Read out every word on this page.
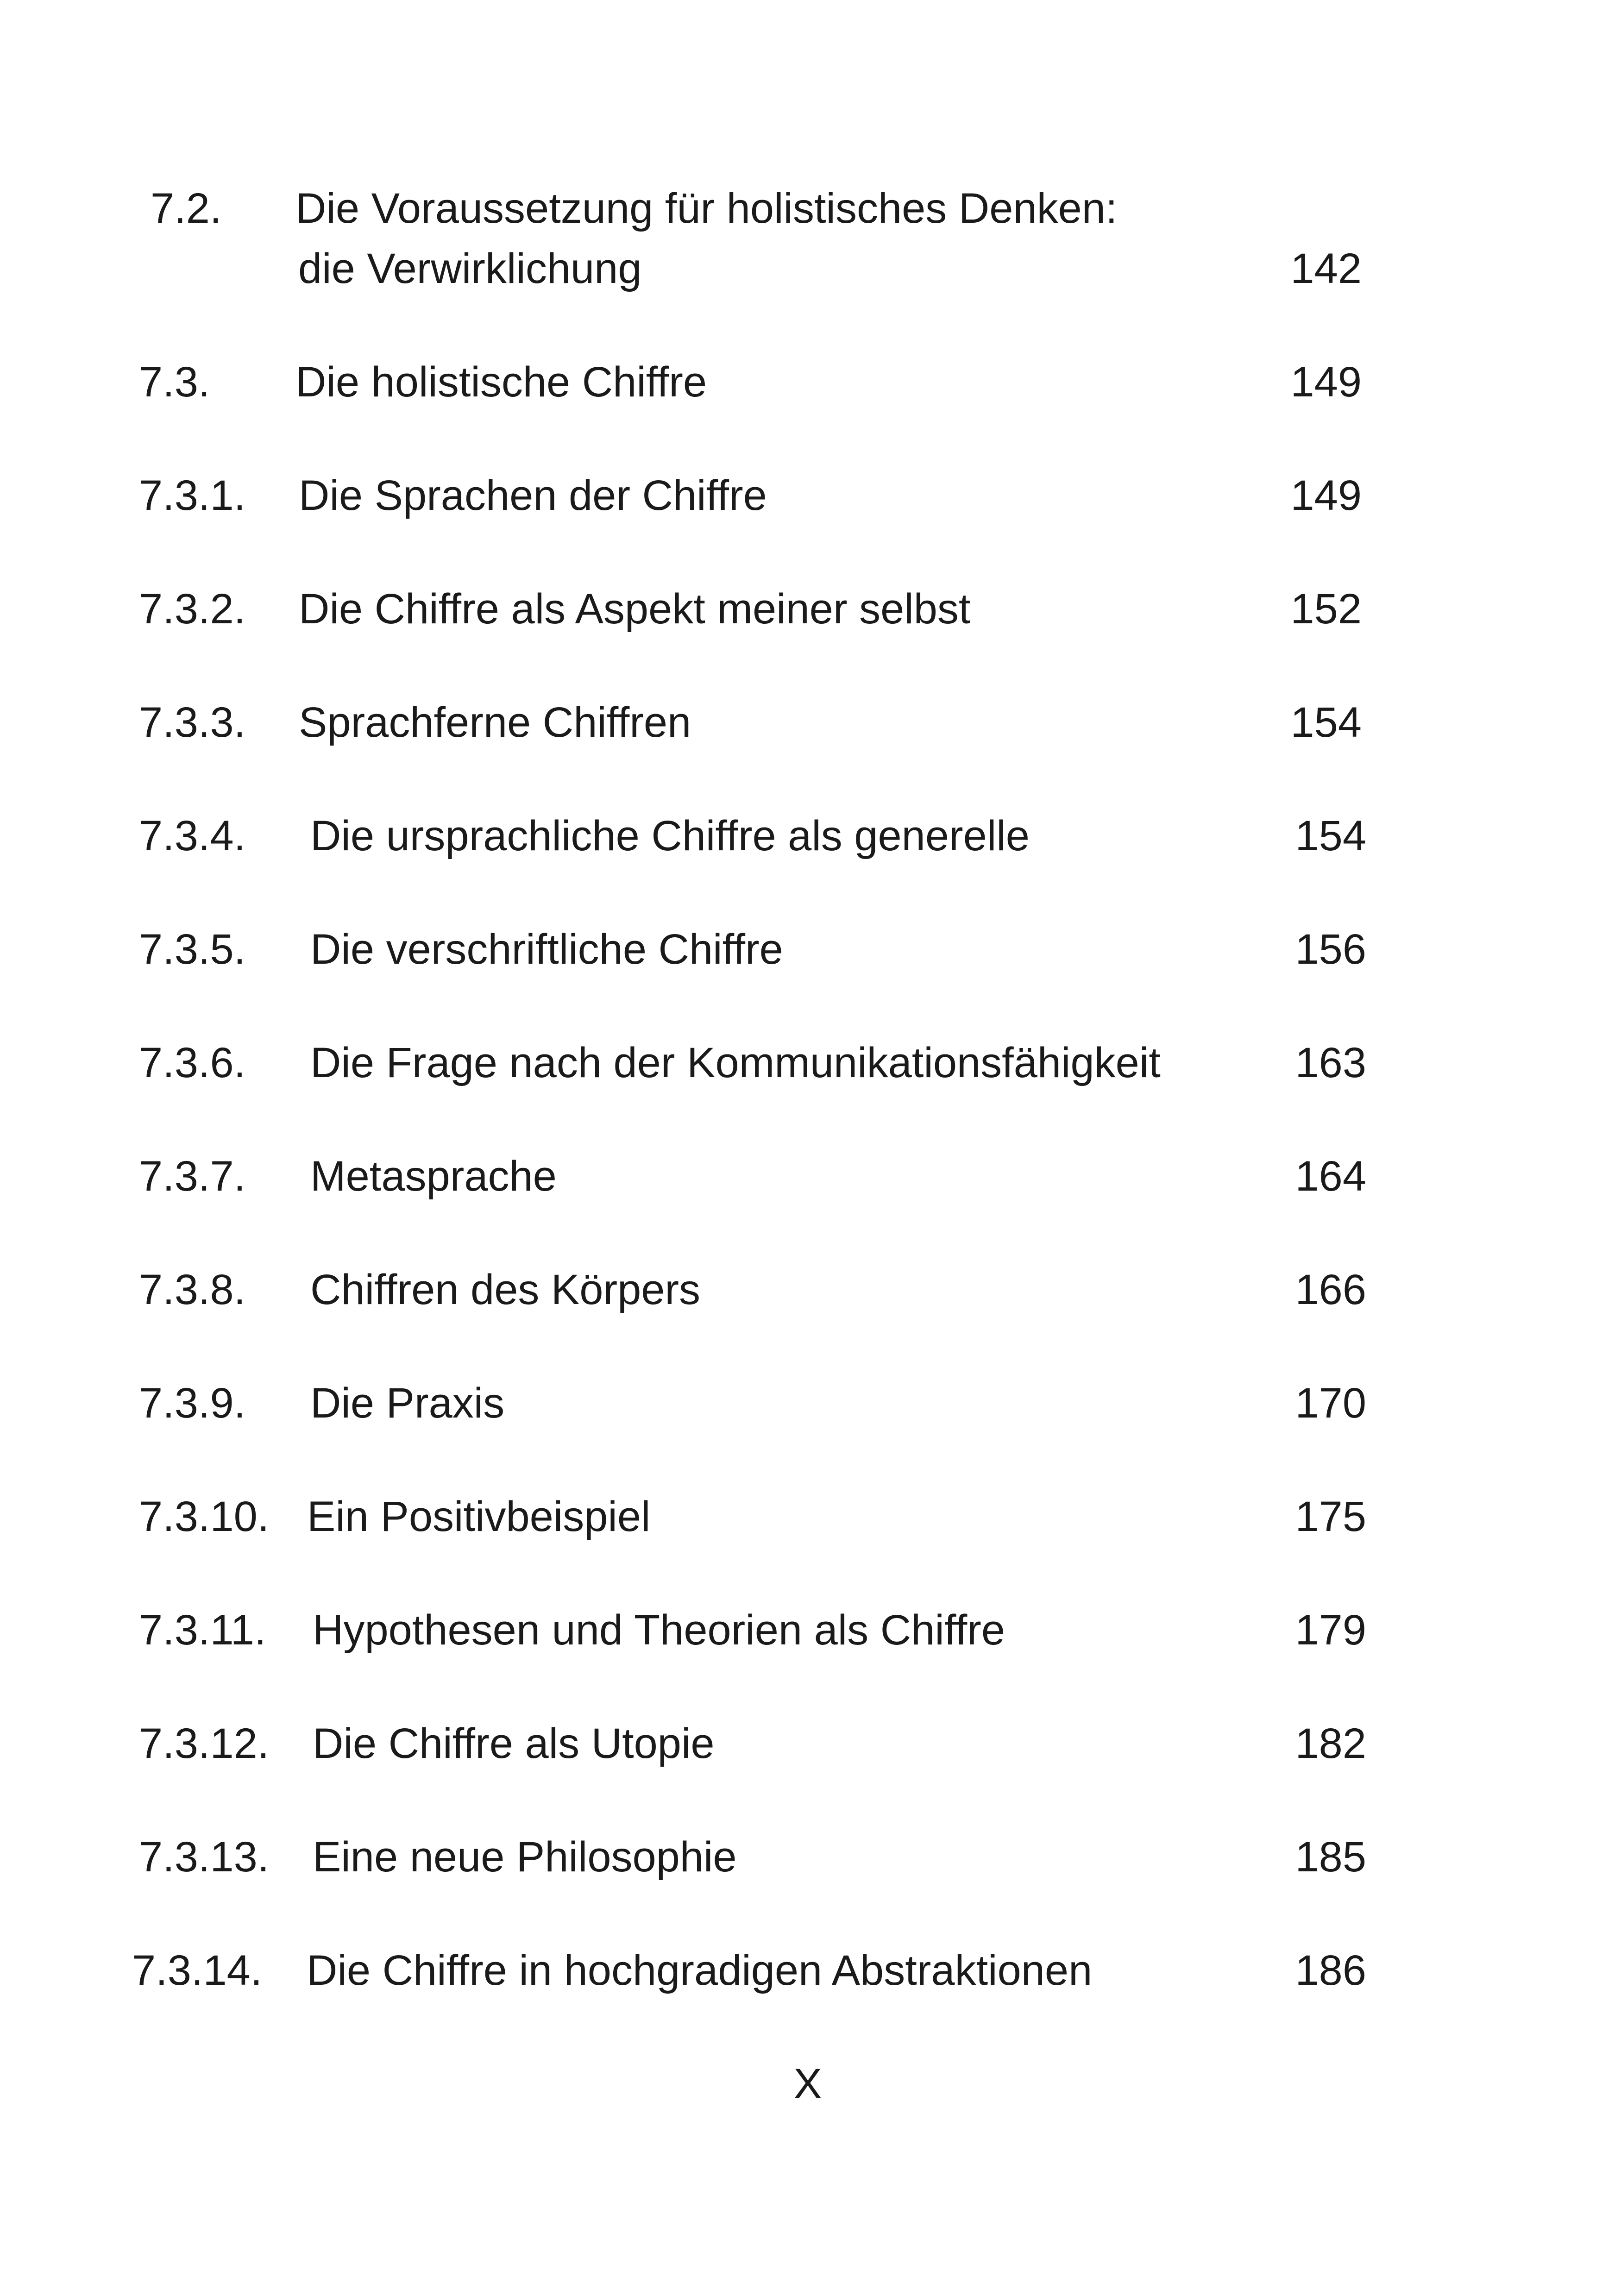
7.2. Die Voraussetzung für holistisches Denken:
die Verwirklichung	142
7.3. Die holistische Chiffre	149
7.3.1. Die Sprachen der Chiffre	149
7.3.2. Die Chiffre als Aspekt meiner selbst	152
7.3.3. Sprachferne Chiffren	154
7.3.4. Die ursprachliche Chiffre als generelle	154
7.3.5. Die verschriftliche Chiffre	156
7.3.6. Die Frage nach der Kommunikationsfähigkeit	163
7.3.7. Metasprache	164
7.3.8. Chiffren des Körpers	166
7.3.9. Die Praxis	170
7.3.10. Ein Positivbeispiel	175
7.3.11. Hypothesen und Theorien als Chiffre	179
7.3.12. Die Chiffre als Utopie	182
7.3.13. Eine neue Philosophie	185
7.3.14. Die Chiffre in hochgradigen Abstraktionen	186
X
